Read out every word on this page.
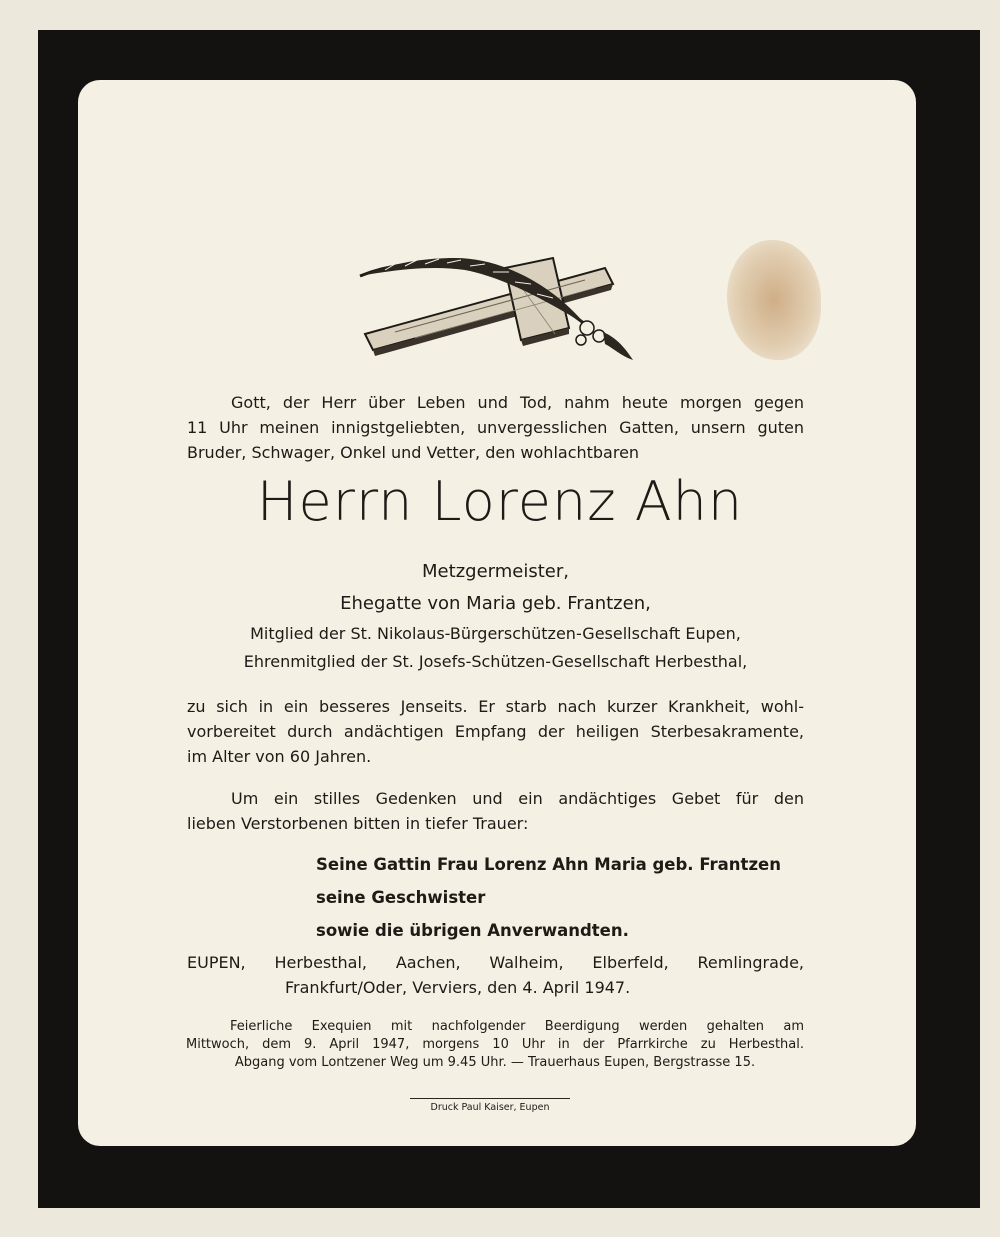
Gott, der Herr über Leben und Tod, nahm heute morgen gegen
11 Uhr meinen innigstgeliebten, unvergesslichen Gatten, unsern guten
Bruder, Schwager, Onkel und Vetter, den wohlachtbaren
Herrn Lorenz Ahn
Metzgermeister,
Ehegatte von Maria geb. Frantzen,
Mitglied der St. Nikolaus-Bürgerschützen-Gesellschaft Eupen,
Ehrenmitglied der St. Josefs-Schützen-Gesellschaft Herbesthal,
zu sich in ein besseres Jenseits. Er starb nach kurzer Krankheit, wohl-
vorbereitet durch andächtigen Empfang der heiligen Sterbesakramente,
im Alter von 60 Jahren.
Um ein stilles Gedenken und ein andächtiges Gebet für den
lieben Verstorbenen bitten in tiefer Trauer:
Seine Gattin Frau Lorenz Ahn Maria geb. Frantzen
seine Geschwister
sowie die übrigen Anverwandten.
EUPEN, Herbesthal, Aachen, Walheim, Elberfeld, Remlingrade,
Frankfurt/Oder, Verviers, den 4. April 1947.
Feierliche Exequien mit nachfolgender Beerdigung werden gehalten am
Mittwoch, dem 9. April 1947, morgens 10 Uhr in der Pfarrkirche zu Herbesthal.
Abgang vom Lontzener Weg um 9.45 Uhr. — Trauerhaus Eupen, Bergstrasse 15.
Druck Paul Kaiser, Eupen
